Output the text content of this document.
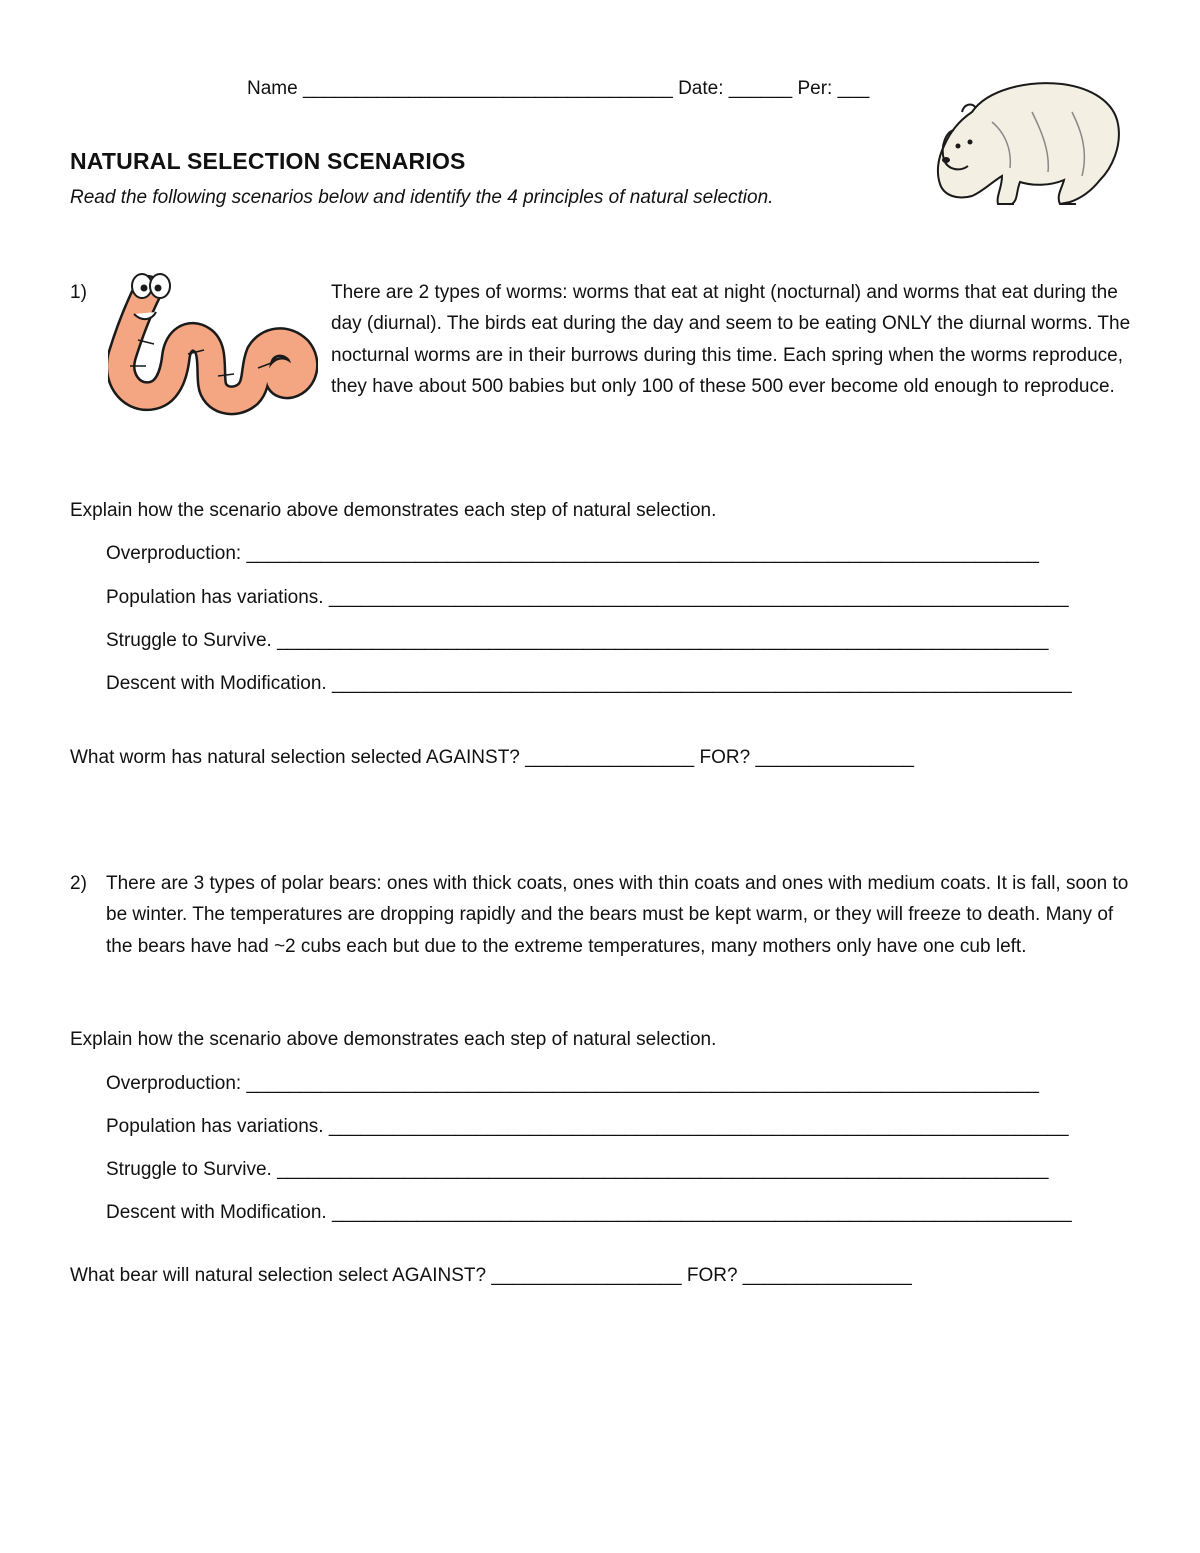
Name ___________________________________ Date: ______ Per: ___
NATURAL SELECTION SCENARIOS
Read the following scenarios below and identify the 4 principles of natural selection.
1)	There are 2 types of worms: worms that eat at night (nocturnal) and worms that eat during the day (diurnal). The birds eat during the day and seem to be eating ONLY the diurnal worms. The nocturnal worms are in their burrows during this time. Each spring when the worms reproduce, they have about 500 babies but only 100 of these 500 ever become old enough to reproduce.
Explain how the scenario above demonstrates each step of natural selection.
Overproduction: ___________________________________________________________________________
Population has variations. ______________________________________________________________________
Struggle to Survive. _________________________________________________________________________
Descent with Modification. ______________________________________________________________________
What worm has natural selection selected AGAINST? ________________ FOR? _______________
2) There are 3 types of polar bears: ones with thick coats, ones with thin coats and ones with medium coats. It is fall, soon to be winter. The temperatures are dropping rapidly and the bears must be kept warm, or they will freeze to death. Many of the bears have had ~2 cubs each but due to the extreme temperatures, many mothers only have one cub left.
Explain how the scenario above demonstrates each step of natural selection.
Overproduction: ___________________________________________________________________________
Population has variations. ______________________________________________________________________
Struggle to Survive. _________________________________________________________________________
Descent with Modification. ______________________________________________________________________
What bear will natural selection select AGAINST? __________________ FOR? ________________
